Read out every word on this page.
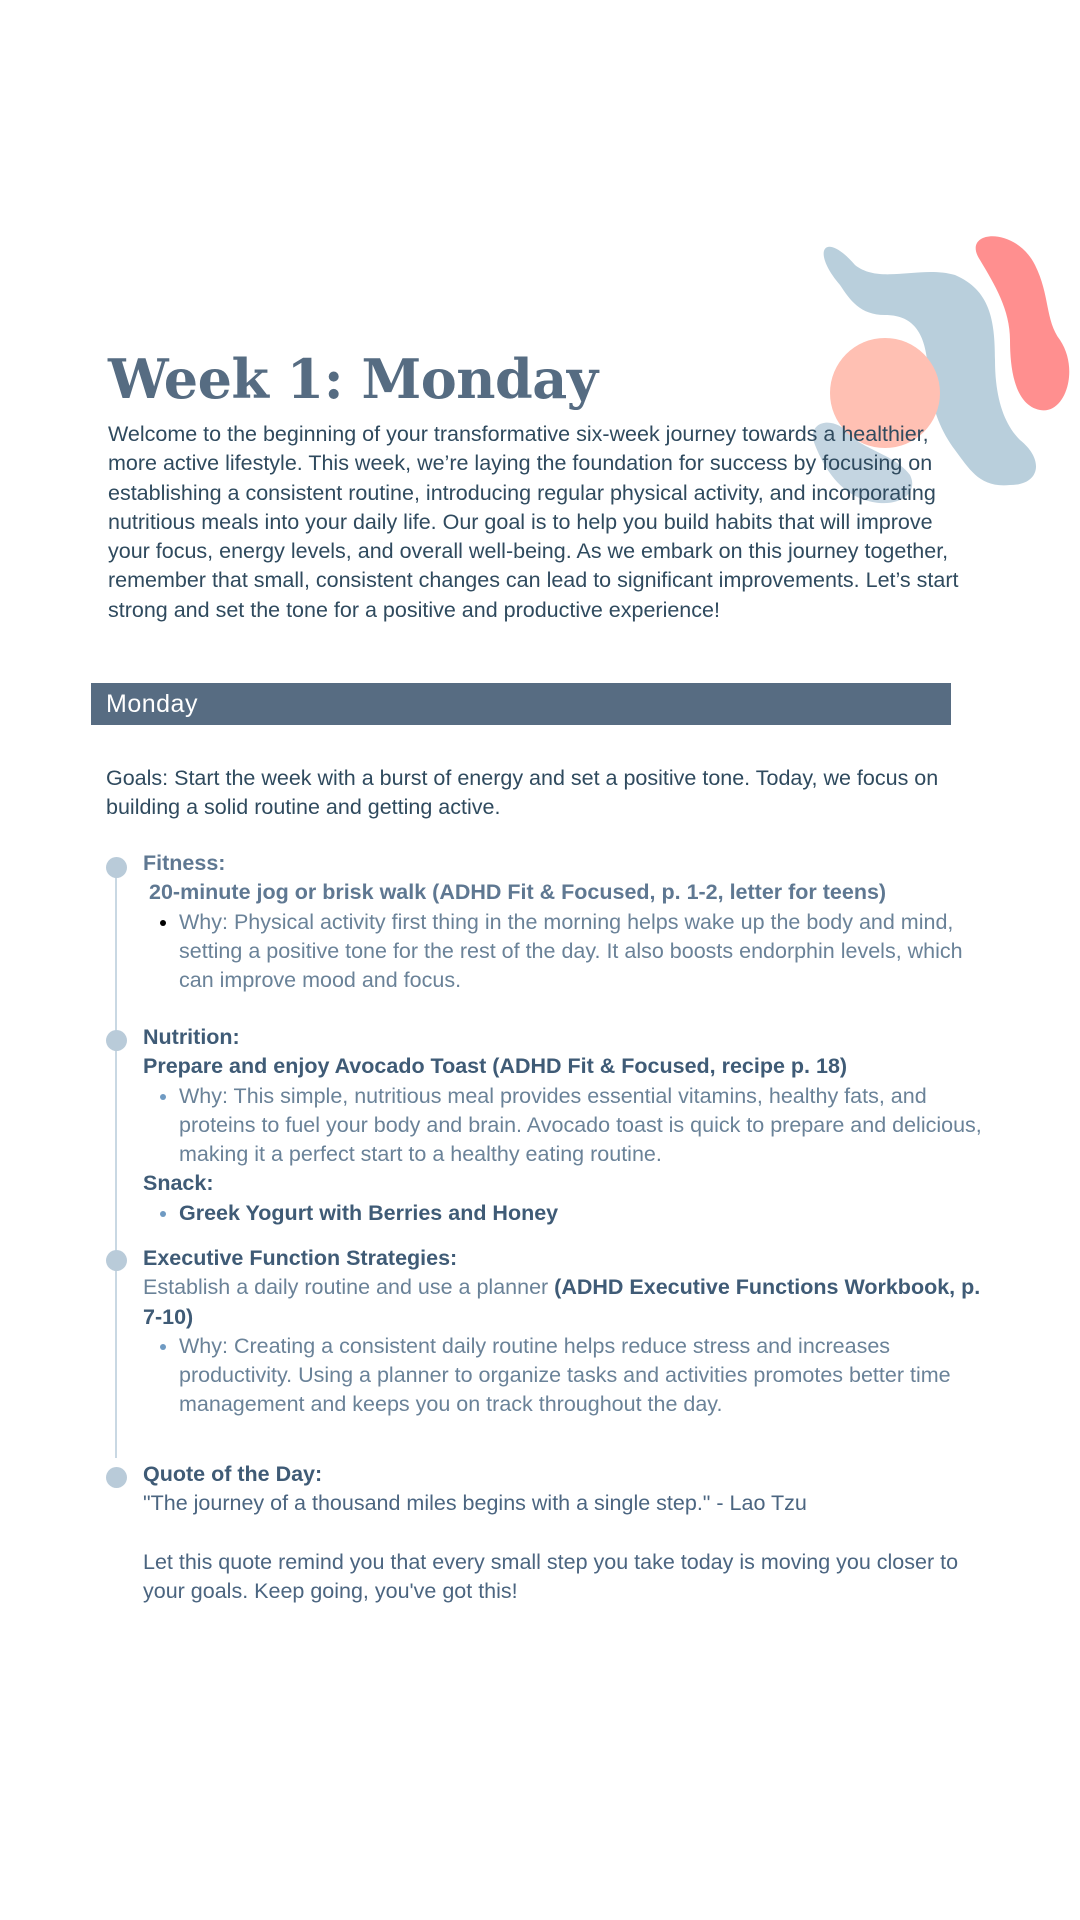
Week 1: Monday

Welcome to the beginning of your transformative six-week journey towards a healthier, more active lifestyle. This week, we’re laying the foundation for success by focusing on establishing a consistent routine, introducing regular physical activity, and incorporating nutritious meals into your daily life. Our goal is to help you build habits that will improve your focus, energy levels, and overall well-being. As we embark on this journey together, remember that small, consistent changes can lead to significant improvements. Let’s start strong and set the tone for a positive and productive experience!

Monday

Goals: Start the week with a burst of energy and set a positive tone. Today, we focus on building a solid routine and getting active.

Fitness:

20-minute jog or brisk walk (ADHD Fit & Focused, p. 1-2, letter for teens)

• Why: Physical activity first thing in the morning helps wake up the body and mind, setting a positive tone for the rest of the day. It also boosts endorphin levels, which can improve mood and focus.

Nutrition:

Prepare and enjoy Avocado Toast (ADHD Fit & Focused, recipe p. 18)

• Why: This simple, nutritious meal provides essential vitamins, healthy fats, and proteins to fuel your body and brain. Avocado toast is quick to prepare and delicious, making it a perfect start to a healthy eating routine.

Snack:

• Greek Yogurt with Berries and Honey

Executive Function Strategies:

Establish a daily routine and use a planner (ADHD Executive Functions Workbook, p. 7-10)

• Why: Creating a consistent daily routine helps reduce stress and increases productivity. Using a planner to organize tasks and activities promotes better time management and keeps you on track throughout the day.

Quote of the Day:

"The journey of a thousand miles begins with a single step." - Lao Tzu

Let this quote remind you that every small step you take today is moving you closer to your goals. Keep going, you've got this!
